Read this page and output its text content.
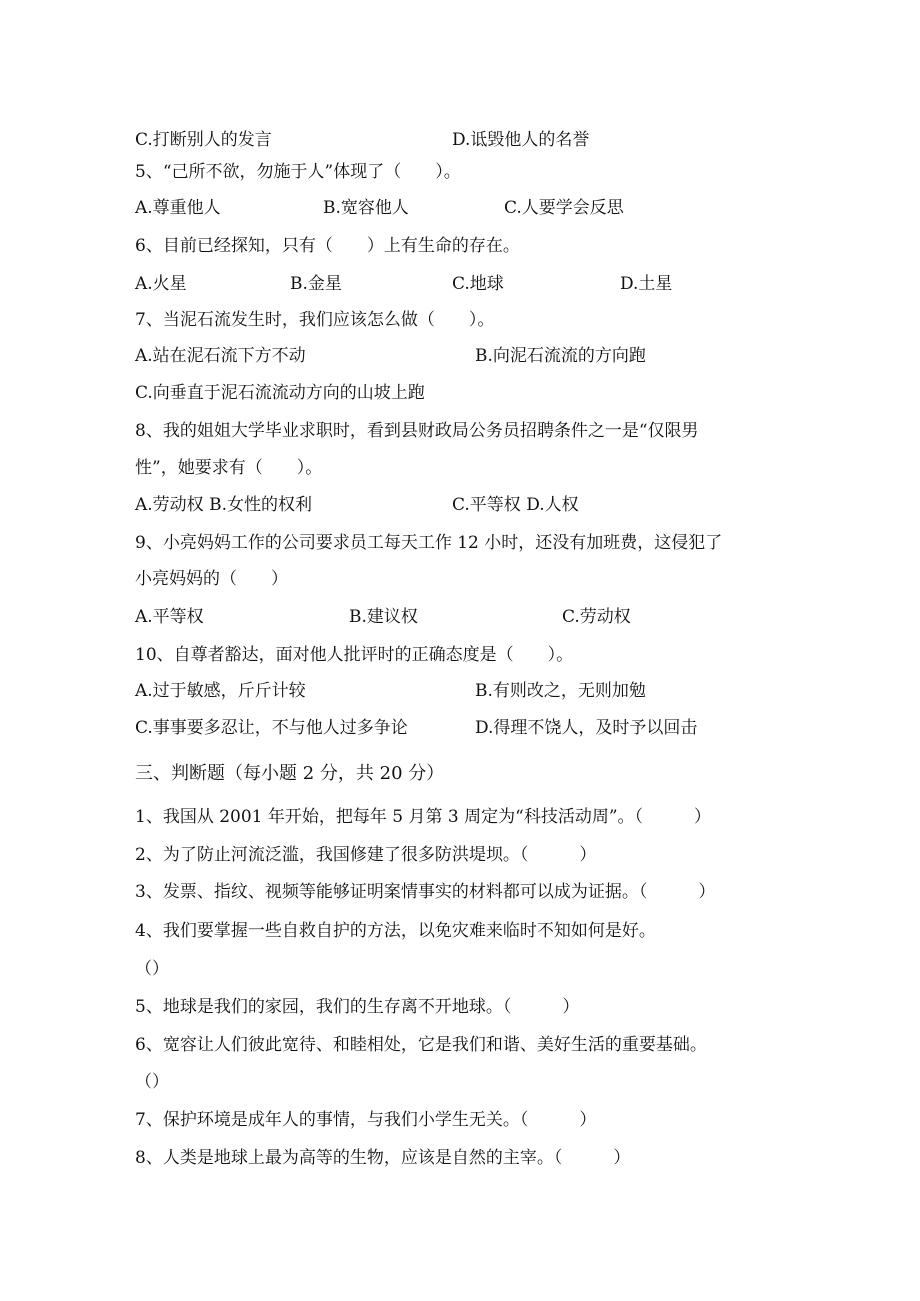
C.打断别人的发言	D.诋毁他人的名誉
5、“己所不欲，勿施于人”体现了（　　）。
A.尊重他人	B.宽容他人	C.人要学会反思
6、目前已经探知，只有（　　）上有生命的存在。
A.火星	B.金星	C.地球	D.土星
7、当泥石流发生时，我们应该怎么做（　　）。
A.站在泥石流下方不动	B.向泥石流流的方向跑
C.向垂直于泥石流流动方向的山坡上跑
8、我的姐姐大学毕业求职时，看到县财政局公务员招聘条件之一是“仅限男
性”，她要求有（　　）。
A.劳动权 B.女性的权利	C.平等权 D.人权
9、小亮妈妈工作的公司要求员工每天工作 12 小时，还没有加班费，这侵犯了
小亮妈妈的（　　）
A.平等权	B.建议权	C.劳动权
10、自尊者豁达，面对他人批评时的正确态度是（　　）。
A.过于敏感，斤斤计较	B.有则改之，无则加勉
C.事事要多忍让，不与他人过多争论	D.得理不饶人，及时予以回击
三、判断题（每小题 2 分，共 20 分）
1、我国从 2001 年开始，把每年 5 月第 3 周定为“科技活动周”。（　　　）
2、为了防止河流泛滥，我国修建了很多防洪堤坝。（　　　）
3、发票、指纹、视频等能够证明案情事实的材料都可以成为证据。（　　　）
4、我们要掌握一些自救自护的方法，以免灾难来临时不知如何是好。
（）
5、地球是我们的家园，我们的生存离不开地球。（　　　）
6、宽容让人们彼此宽待、和睦相处，它是我们和谐、美好生活的重要基础。
（）
7、保护环境是成年人的事情，与我们小学生无关。（　　　）
8、人类是地球上最为高等的生物，应该是自然的主宰。（　　　）
